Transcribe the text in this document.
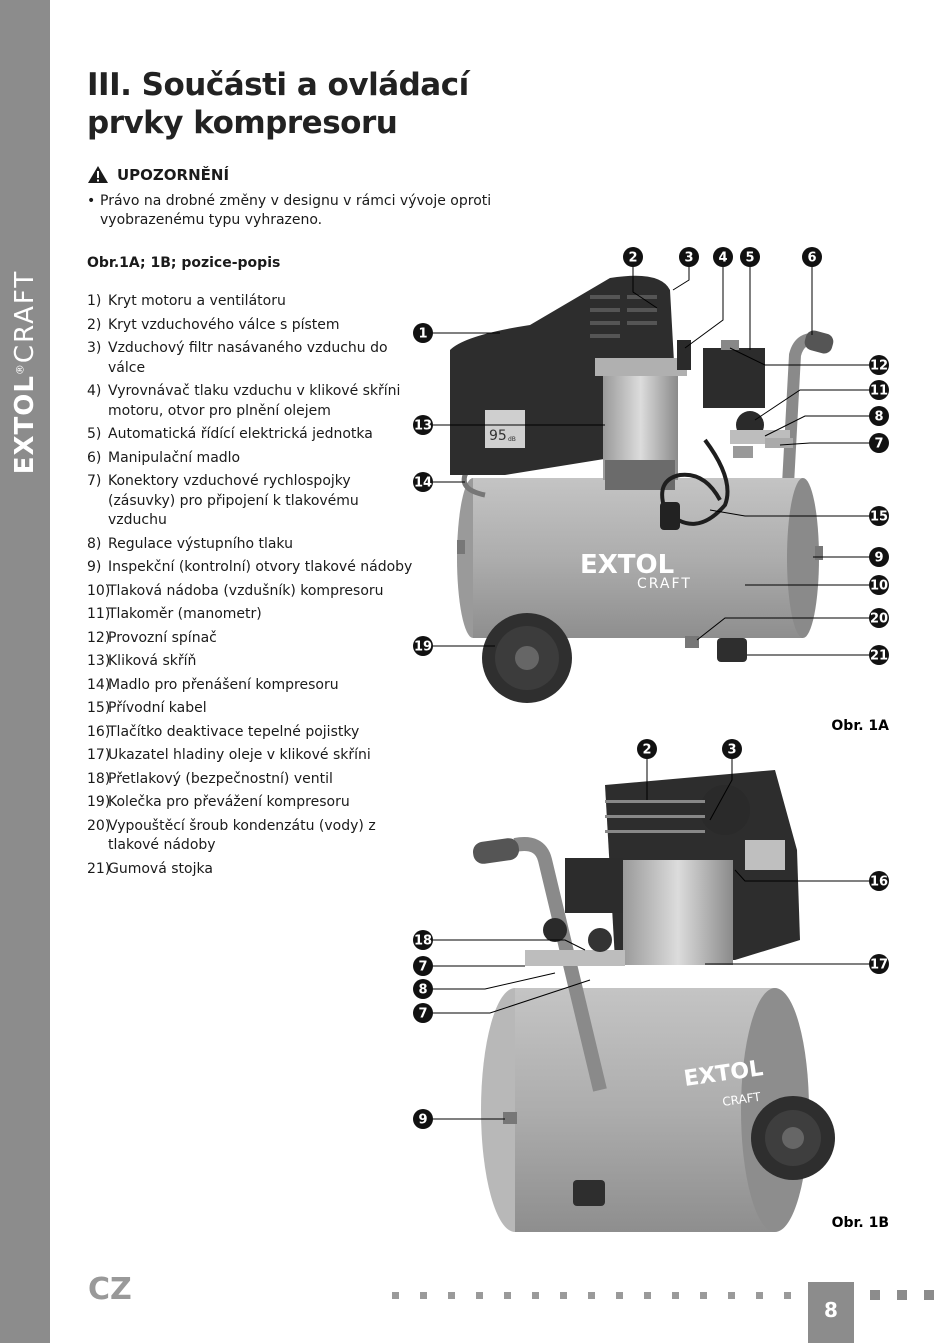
EXTOL®CRAFT
III. Součásti a ovládací
prvky kompresoru
UPOZORNĚNÍ
• Právo na drobné změny v designu v rámci vývoje oproti vyobrazenému typu vyhrazeno.
Obr.1A; 1B; pozice-popis
1) Kryt motoru a ventilátoru
2) Kryt vzduchového válce s pístem
3) Vzduchový filtr nasávaného vzduchu do válce
4) Vyrovnávač tlaku vzduchu v klikové skříni motoru, otvor pro plnění olejem
5) Automatická řídící elektrická jednotka
6) Manipulační madlo
7) Konektory vzduchové rychlospojky (zásuvky) pro připojení k tlakovému vzduchu
8) Regulace výstupního tlaku
9) Inspekční (kontrolní) otvory tlakové nádoby
10)
Tlaková nádoba (vzdušník) kompresoru
11)
Tlakoměr (manometr)
12)
Provozní spínač
13)
Kliková skříň
14)
Madlo pro přenášení kompresoru
15)
Přívodní kabel
16)
Tlačítko deaktivace tepelné pojistky
17)
Ukazatel hladiny oleje v klikové skříni
18)
Přetlakový (bezpečnostní) ventil
19)
Kolečka pro převážení kompresoru
20)
Vypouštěcí šroub kondenzátu (vody) z tlakové nádoby
21)
Gumová stojka
EXTOL
CRAFT
95 dB
1
2	3 4 5	6
12
11
8
7
13
14
15
9
10
20
19
21
Obr. 1A
EXTOL
CRAFT
2	3
16
18
7
8
7
17
9
Obr. 1B
CZ
8
